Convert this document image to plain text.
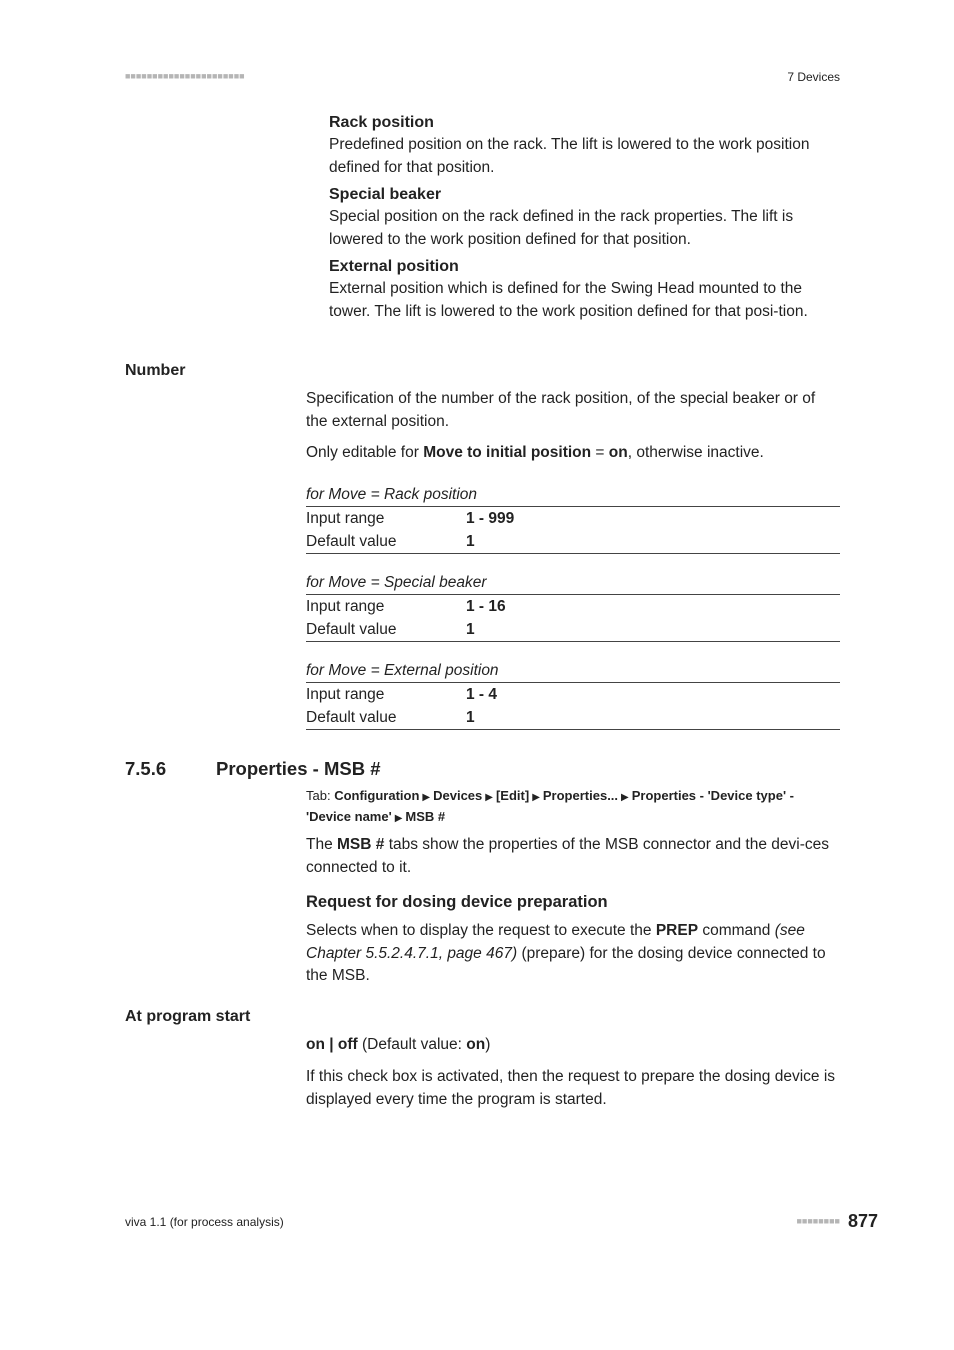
■■■■■■■■■■■■■■■■■■■■■■	7 Devices
Rack position
Predefined position on the rack. The lift is lowered to the work position defined for that position.
Special beaker
Special position on the rack defined in the rack properties. The lift is lowered to the work position defined for that position.
External position
External position which is defined for the Swing Head mounted to the tower. The lift is lowered to the work position defined for that posi-tion.
Number
Specification of the number of the rack position, of the special beaker or of the external position.
Only editable for Move to initial position = on, otherwise inactive.
for Move = Rack position
Input range	1 - 999
Default value	1
for Move = Special beaker
Input range	1 - 16
Default value	1
for Move = External position
Input range	1 - 4
Default value	1
7.5.6	Properties - MSB #
Tab: Configuration ▶ Devices ▶ [Edit] ▶ Properties... ▶ Properties - 'Device type' - 'Device name' ▶ MSB #
The MSB # tabs show the properties of the MSB connector and the devi-ces connected to it.
Request for dosing device preparation
Selects when to display the request to execute the PREP command (see Chapter 5.5.2.4.7.1, page 467) (prepare) for the dosing device connected to the MSB.
At program start
on | off (Default value: on)
If this check box is activated, then the request to prepare the dosing device is displayed every time the program is started.
viva 1.1 (for process analysis)	■■■■■■■■ 877
